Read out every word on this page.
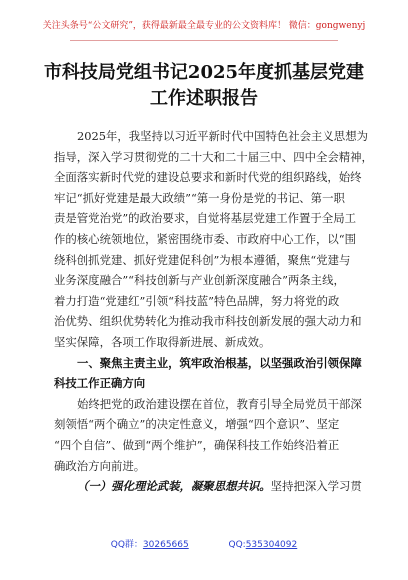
关注头条号“公文研究”，获得最新最全最专业的公文资料库！ 微信：gongwenyj
市科技局党组书记2025年度抓基层党建
工作述职报告
2025年，我坚持以习近平新时代中国特色社会主义思想为
指导，深入学习贯彻党的二十大和二十届三中、四中全会精神，
全面落实新时代党的建设总要求和新时代党的组织路线，始终
牢记“抓好党建是最大政绩”“第一身份是党的书记、第一职
责是管党治党”的政治要求，自觉将基层党建工作置于全局工
作的核心统领地位，紧密围绕市委、市政府中心工作，以“围
绕科创抓党建、抓好党建促科创”为根本遵循，聚焦“党建与
业务深度融合”“科技创新与产业创新深度融合”两条主线，
着力打造“党建红”引领“科技蓝”特色品牌，努力将党的政
治优势、组织优势转化为推动我市科技创新发展的强大动力和
坚实保障，各项工作取得新进展、新成效。
一、聚焦主责主业，筑牢政治根基，以坚强政治引领保障
科技工作正确方向
始终把党的政治建设摆在首位，教育引导全局党员干部深
刻领悟“两个确立”的决定性意义，增强“四个意识”、坚定
“四个自信”、做到“两个维护”，确保科技工作始终沿着正
确政治方向前进。
（一）强化理论武装，凝聚思想共识。坚持把深入学习贯
QQ群：30265665	QQ:535304092
